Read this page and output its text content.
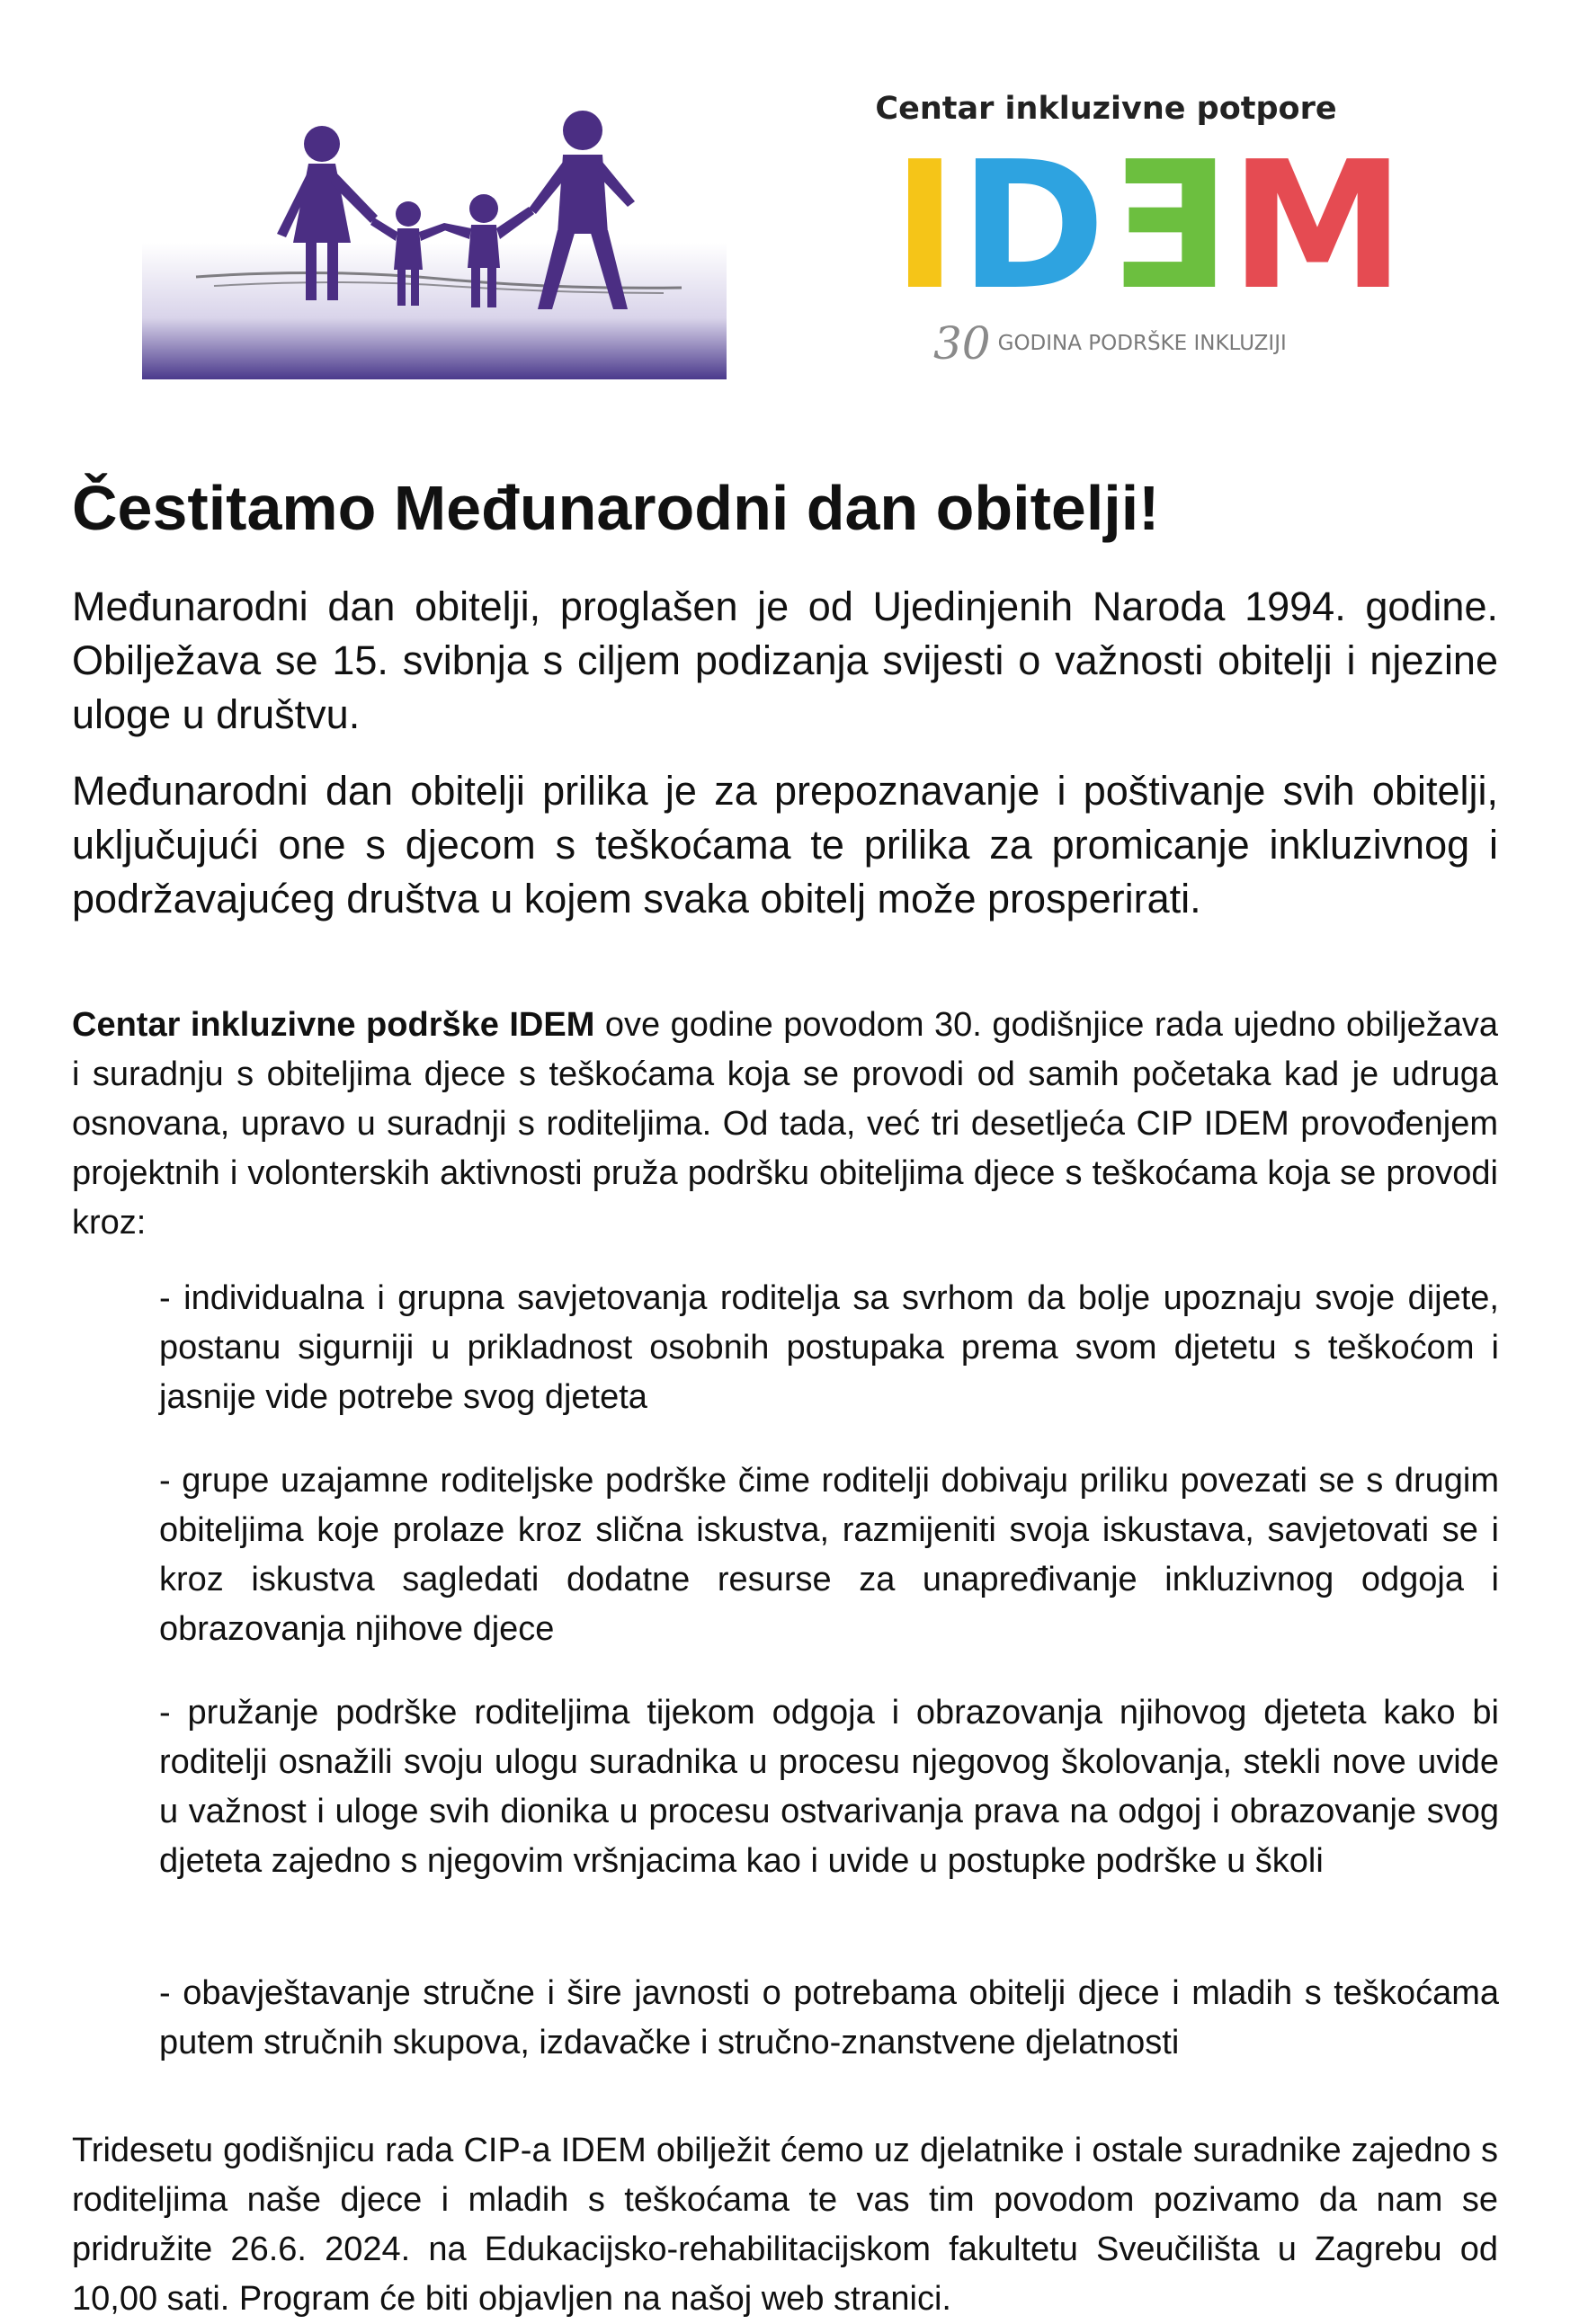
Centar inkluzivne potpore
I D Ǝ M
30 GODINA PODRŠKE INKLUZIJI
Čestitamo Međunarodni dan obitelji!

Međunarodni dan obitelji, proglašen je od Ujedinjenih Naroda 1994. godine. Obilježava se 15. svibnja s ciljem podizanja svijesti o važnosti obitelji i njezine uloge u društvu.

Međunarodni dan obitelji prilika je za prepoznavanje i poštivanje svih obitelji, uključujući one s djecom s teškoćama te prilika za promicanje inkluzivnog i podržavajućeg društva u kojem svaka obitelj može prosperirati.

Centar inkluzivne podrške IDEM ove godine povodom 30. godišnjice rada ujedno obilježava i suradnju s obiteljima djece s teškoćama koja se provodi od samih početaka kad je udruga osnovana, upravo u suradnji s roditeljima. Od tada, već tri desetljeća CIP IDEM provođenjem projektnih i volonterskih aktivnosti pruža podršku obiteljima djece s teškoćama koja se provodi kroz:

- individualna i grupna savjetovanja roditelja sa svrhom da bolje upoznaju svoje dijete, postanu sigurniji u prikladnost osobnih postupaka prema svom djetetu s teškoćom i jasnije vide potrebe svog djeteta

- grupe uzajamne roditeljske podrške čime roditelji dobivaju priliku povezati se s drugim obiteljima koje prolaze kroz slična iskustva, razmijeniti svoja iskustava, savjetovati se i kroz iskustva sagledati dodatne resurse za unapređivanje inkluzivnog odgoja i obrazovanja njihove djece

- pružanje podrške roditeljima tijekom odgoja i obrazovanja njihovog djeteta kako bi roditelji osnažili svoju ulogu suradnika u procesu njegovog školovanja, stekli nove uvide u važnost i uloge svih dionika u procesu ostvarivanja prava na odgoj i obrazovanje svog djeteta zajedno s njegovim vršnjacima kao i uvide u postupke podrške u školi

- obavještavanje stručne i šire javnosti o potrebama obitelji djece i mladih s teškoćama putem stručnih skupova, izdavačke i stručno-znanstvene djelatnosti

Tridesetu godišnjicu rada CIP-a IDEM obilježit ćemo uz djelatnike i ostale suradnike zajedno s roditeljima naše djece i mladih s teškoćama te vas tim povodom pozivamo da nam se pridružite 26.6. 2024. na Edukacijsko-rehabilitacijskom fakultetu Sveučilišta u Zagrebu od 10,00 sati. Program će biti objavljen na našoj web stranici.
